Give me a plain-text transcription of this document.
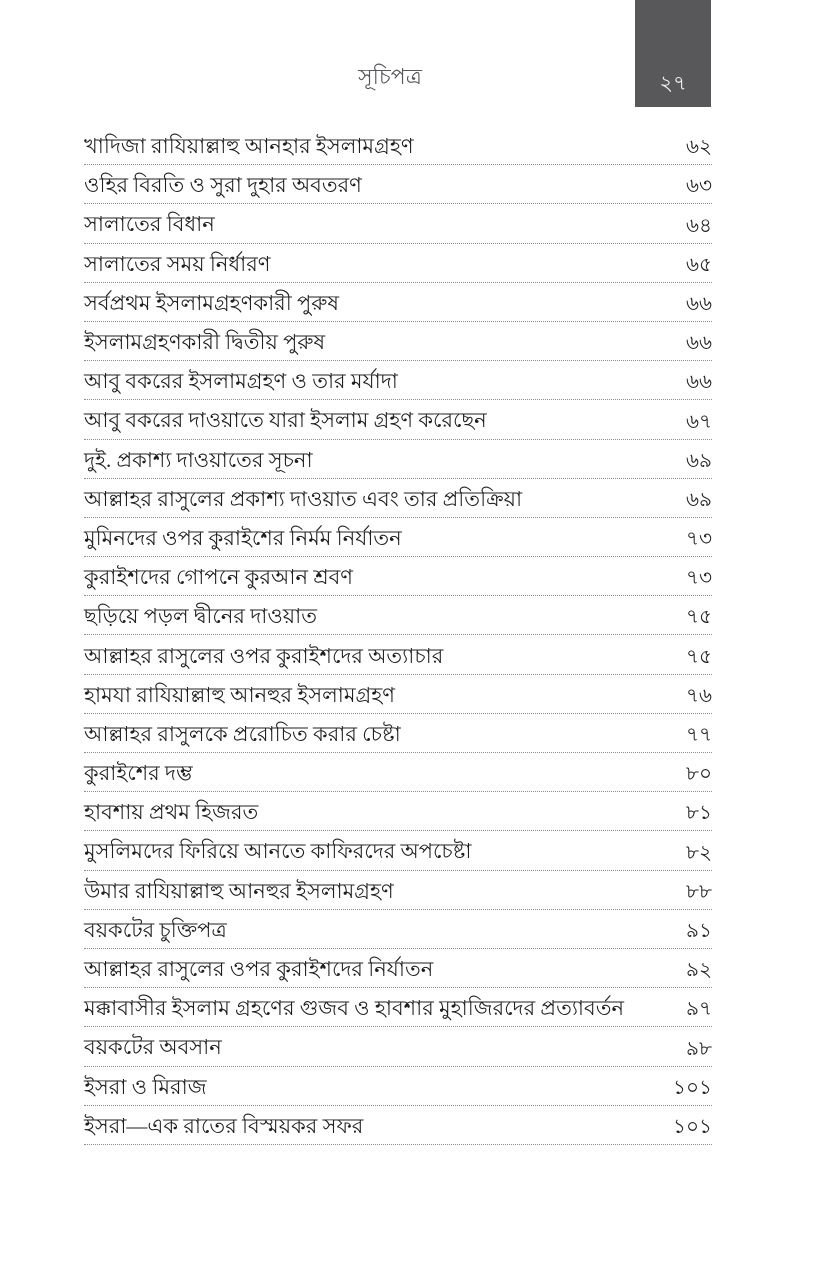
সূচিপত্র	২৭
খাদিজা রাযিয়াল্লাহু আনহার ইসলামগ্রহণ	৬২
ওহির বিরতি ও সুরা দুহার অবতরণ	৬৩
সালাতের বিধান	৬৪
সালাতের সময় নির্ধারণ	৬৫
সর্বপ্রথম ইসলামগ্রহণকারী পুরুষ	৬৬
ইসলামগ্রহণকারী দ্বিতীয় পুরুষ	৬৬
আবু বকরের ইসলামগ্রহণ ও তার মর্যাদা	৬৬
আবু বকরের দাওয়াতে যারা ইসলাম গ্রহণ করেছেন	৬৭
দুই. প্রকাশ্য দাওয়াতের সূচনা	৬৯
আল্লাহর রাসুলের প্রকাশ্য দাওয়াত এবং তার প্রতিক্রিয়া	৬৯
মুমিনদের ওপর কুরাইশের নির্মম নির্যাতন	৭৩
কুরাইশদের গোপনে কুরআন শ্রবণ	৭৩
ছড়িয়ে পড়ল দ্বীনের দাওয়াত	৭৫
আল্লাহর রাসুলের ওপর কুরাইশদের অত্যাচার	৭৫
হামযা রাযিয়াল্লাহু আনহুর ইসলামগ্রহণ	৭৬
আল্লাহর রাসুলকে প্ররোচিত করার চেষ্টা	৭৭
কুরাইশের দম্ভ	৮০
হাবশায় প্রথম হিজরত	৮১
মুসলিমদের ফিরিয়ে আনতে কাফিরদের অপচেষ্টা	৮২
উমার রাযিয়াল্লাহু আনহুর ইসলামগ্রহণ	৮৮
বয়কটের চুক্তিপত্র	৯১
আল্লাহর রাসুলের ওপর কুরাইশদের নির্যাতন	৯২
মক্কাবাসীর ইসলাম গ্রহণের গুজব ও হাবশার মুহাজিরদের প্রত্যাবর্তন	৯৭
বয়কটের অবসান	৯৮
ইসরা ও মিরাজ	১০১
ইসরা—এক রাতের বিস্ময়কর সফর	১০১
